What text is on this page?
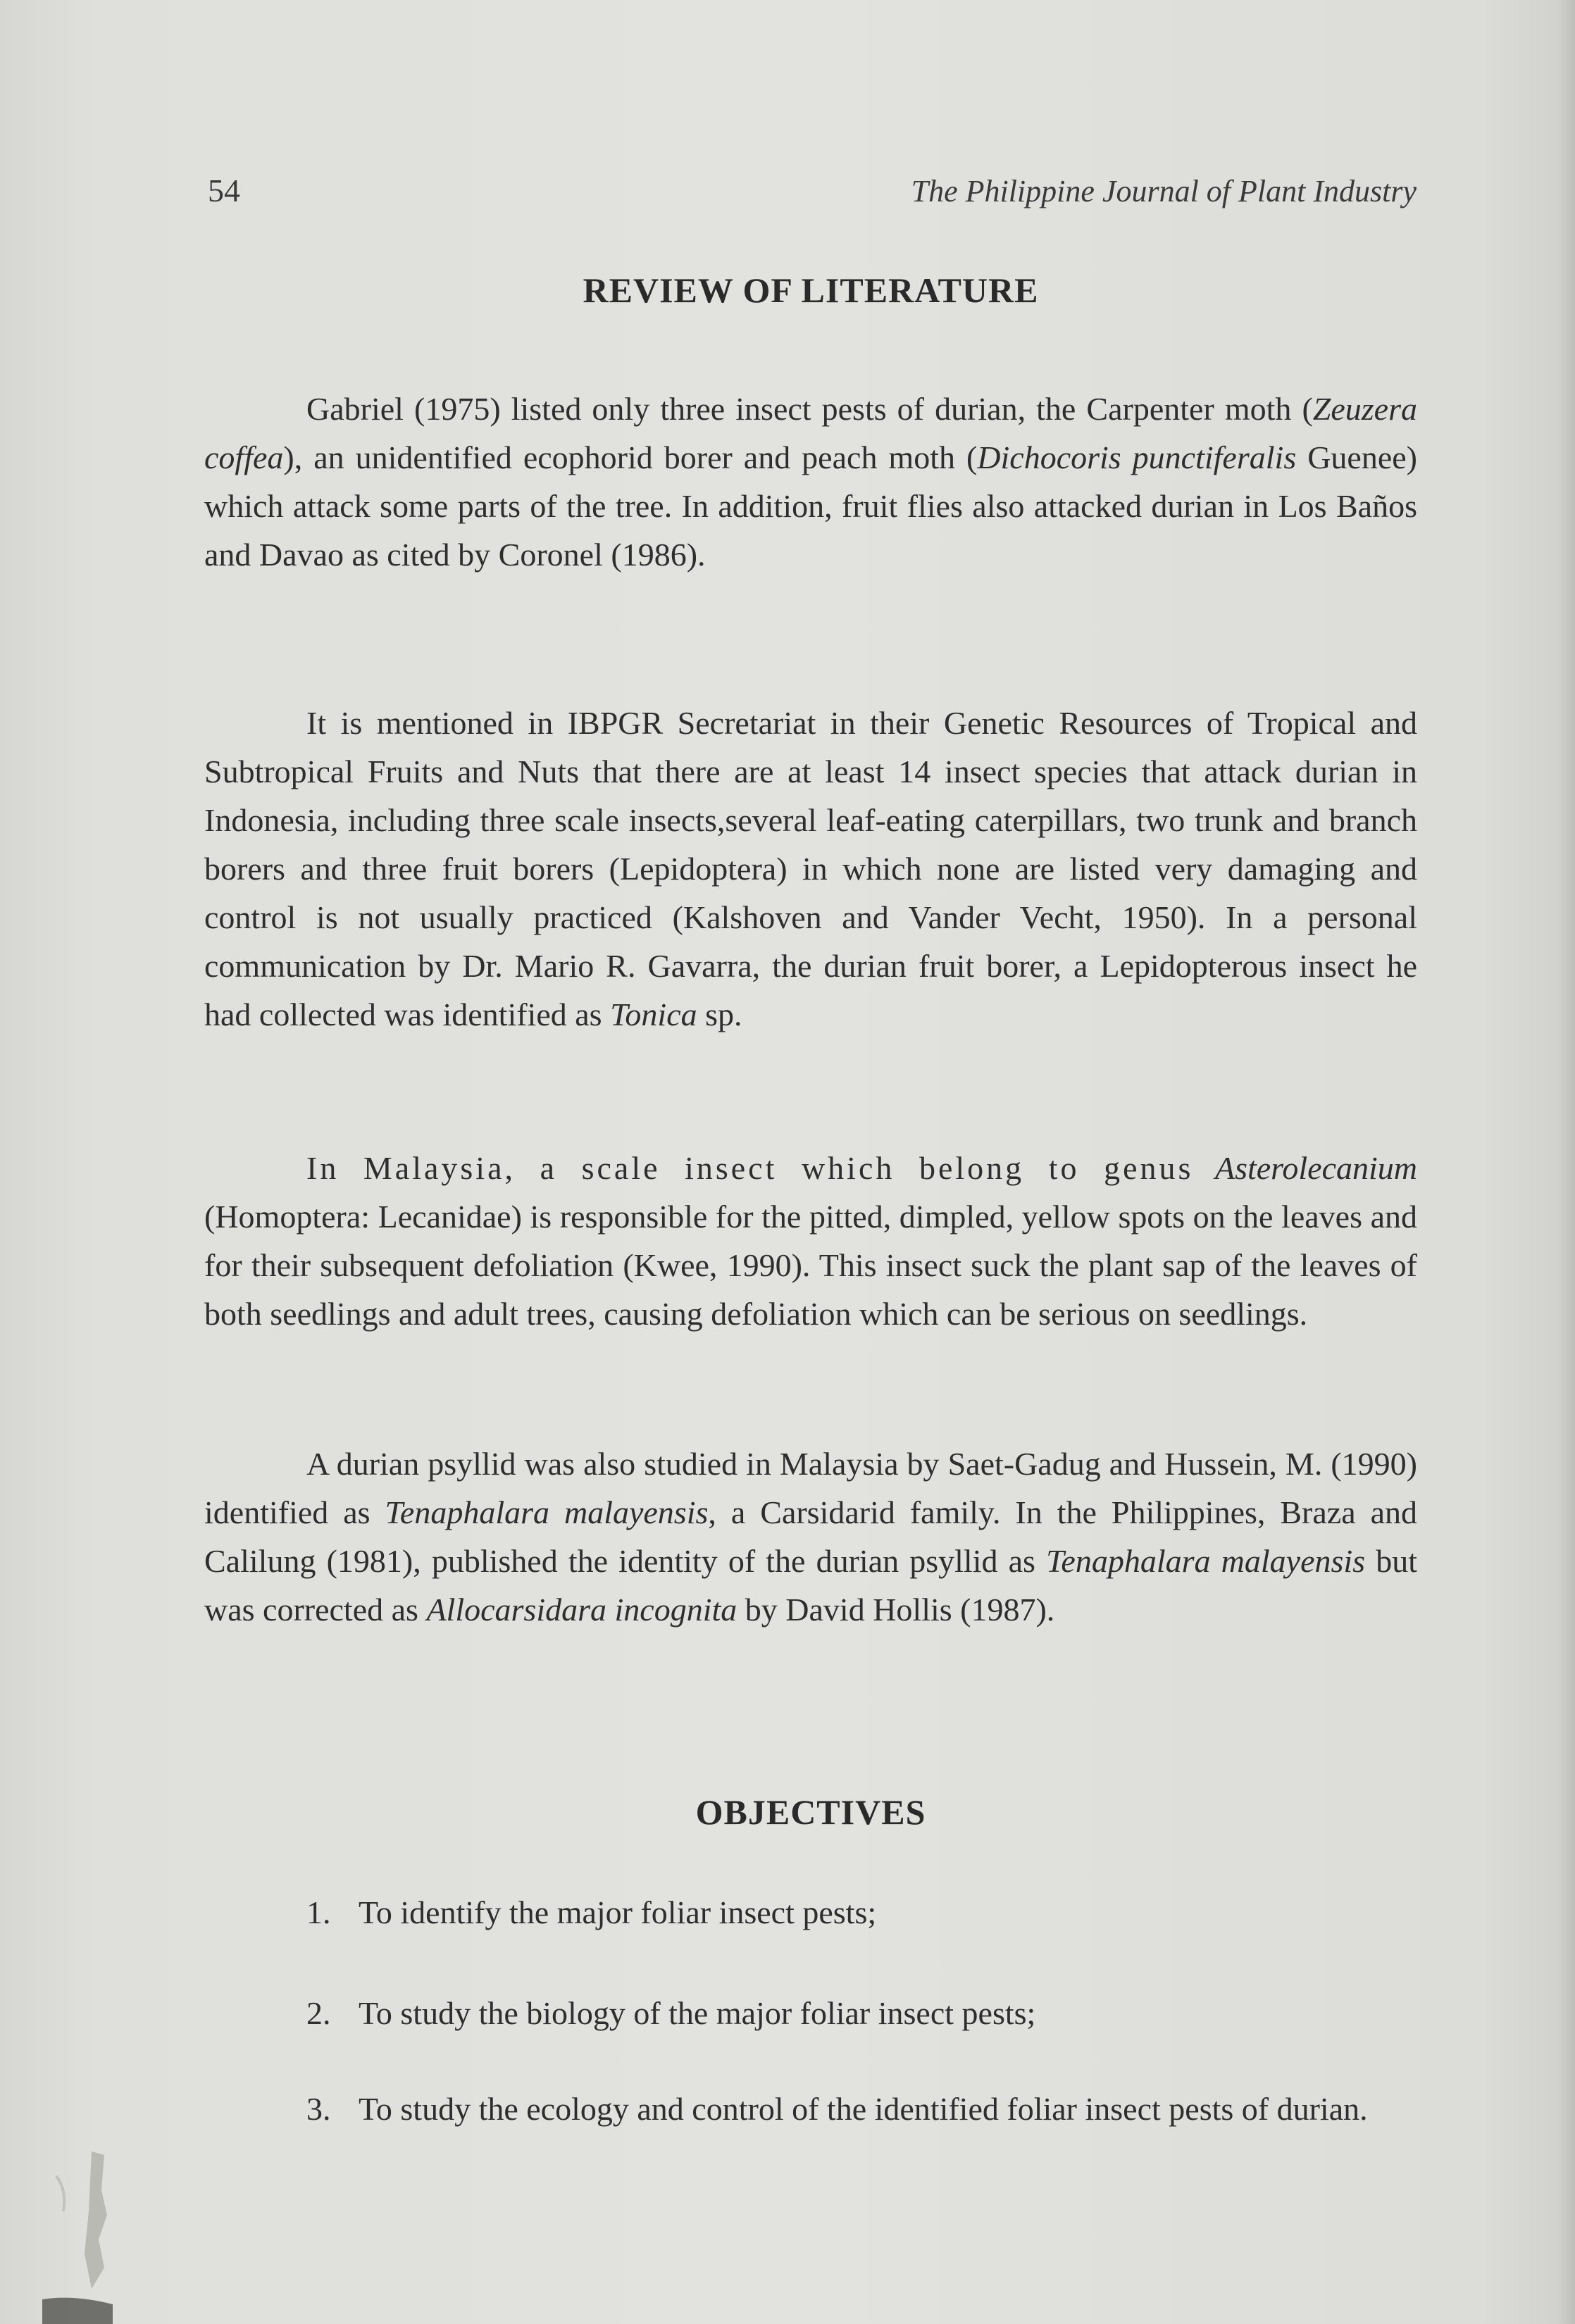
54	The Philippine Journal of Plant Industry
REVIEW OF LITERATURE
Gabriel (1975) listed only three insect pests of durian, the Carpenter moth (Zeuzera coffea), an unidentified ecophorid borer and peach moth (Dichocoris punctiferalis Guenee) which attack some parts of the tree. In addition, fruit flies also attacked durian in Los Baños and Davao as cited by Coronel (1986).
It is mentioned in IBPGR Secretariat in their Genetic Resources of Tropical and Subtropical Fruits and Nuts that there are at least 14 insect species that attack durian in Indonesia, including three scale insects,several leaf-eating caterpillars, two trunk and branch borers and three fruit borers (Lepidoptera) in which none are listed very damaging and control is not usually practiced (Kalshoven and Vander Vecht, 1950). In a personal communication by Dr. Mario R. Gavarra, the durian fruit borer, a Lepidopterous insect he had collected was identified as Tonica sp.
In Malaysia, a scale insect which belong to genus Asterolecanium (Homoptera: Lecanidae) is responsible for the pitted, dimpled, yellow spots on the leaves and for their subsequent defoliation (Kwee, 1990). This insect suck the plant sap of the leaves of both seedlings and adult trees, causing defoliation which can be serious on seedlings.
A durian psyllid was also studied in Malaysia by Saet-Gadug and Hussein, M. (1990) identified as Tenaphalara malayensis, a Carsidarid family. In the Philippines, Braza and Calilung (1981), published the identity of the durian psyllid as Tenaphalara malayensis but was corrected as Allocarsidara incognita by David Hollis (1987).
OBJECTIVES
1. To identify the major foliar insect pests;
2. To study the biology of the major foliar insect pests;
3. To study the ecology and control of the identified foliar insect pests of durian.
